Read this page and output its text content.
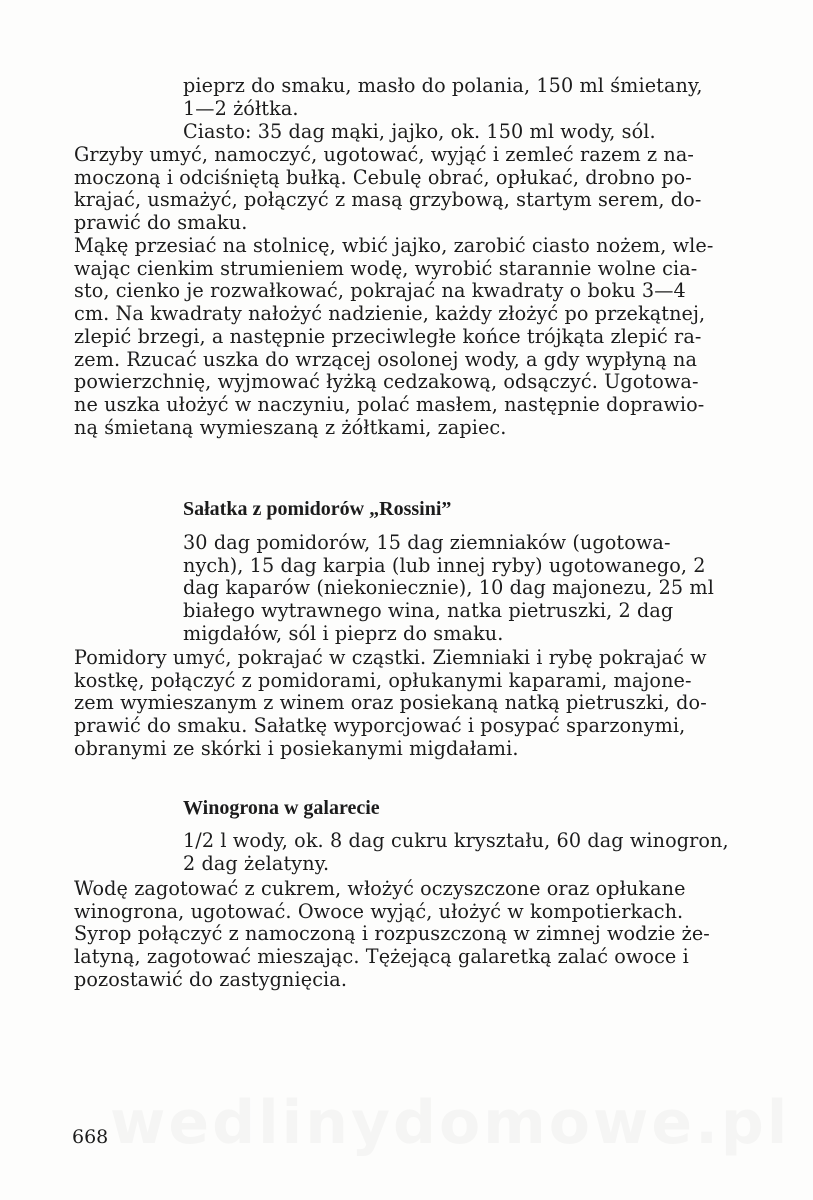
pieprz do smaku, masło do polania, 150 ml śmietany,
1—2 żółtka.

Ciasto: 35 dag mąki, jajko, ok. 150 ml wody, sól.

Grzyby umyć, namoczyć, ugotować, wyjąć i zemleć razem z na-
moczoną i odciśniętą bułką. Cebulę obrać, opłukać, drobno po-
krajać, usmażyć, połączyć z masą grzybową, startym serem, do-
prawić do smaku.

Mąkę przesiać na stolnicę, wbić jajko, zarobić ciasto nożem, wle-
wając cienkim strumieniem wodę, wyrobić starannie wolne cia-
sto, cienko je rozwałkować, pokrajać na kwadraty o boku 3—4
cm. Na kwadraty nałożyć nadzienie, każdy złożyć po przekątnej,
zlepić brzegi, a następnie przeciwległe końce trójkąta zlepić ra-
zem. Rzucać uszka do wrzącej osolonej wody, a gdy wypłyną na
powierzchnię, wyjmować łyżką cedzakową, odsączyć. Ugotowa-
ne uszka ułożyć w naczyniu, polać masłem, następnie doprawio-
ną śmietaną wymieszaną z żółtkami, zapiec.

Sałatka z pomidorów „Rossini”

30 dag pomidorów, 15 dag ziemniaków (ugotowa-
nych), 15 dag karpia (lub innej ryby) ugotowanego, 2
dag kaparów (niekoniecznie), 10 dag majonezu, 25 ml
białego wytrawnego wina, natka pietruszki, 2 dag
migdałów, sól i pieprz do smaku.

Pomidory umyć, pokrajać w cząstki. Ziemniaki i rybę pokrajać w
kostkę, połączyć z pomidorami, opłukanymi kaparami, majone-
zem wymieszanym z winem oraz posiekaną natką pietruszki, do-
prawić do smaku. Sałatkę wyporcjować i posypać sparzonymi,
obranymi ze skórki i posiekanymi migdałami.

Winogrona w galarecie

1/2 l wody, ok. 8 dag cukru kryształu, 60 dag winogron,
2 dag żelatyny.

Wodę zagotować z cukrem, włożyć oczyszczone oraz opłukane
winogrona, ugotować. Owoce wyjąć, ułożyć w kompotierkach.
Syrop połączyć z namoczoną i rozpuszczoną w zimnej wodzie że-
latyną, zagotować mieszając. Tężejącą galaretką zalać owoce i
pozostawić do zastygnięcia.

wedlinydomowe.pl
668
